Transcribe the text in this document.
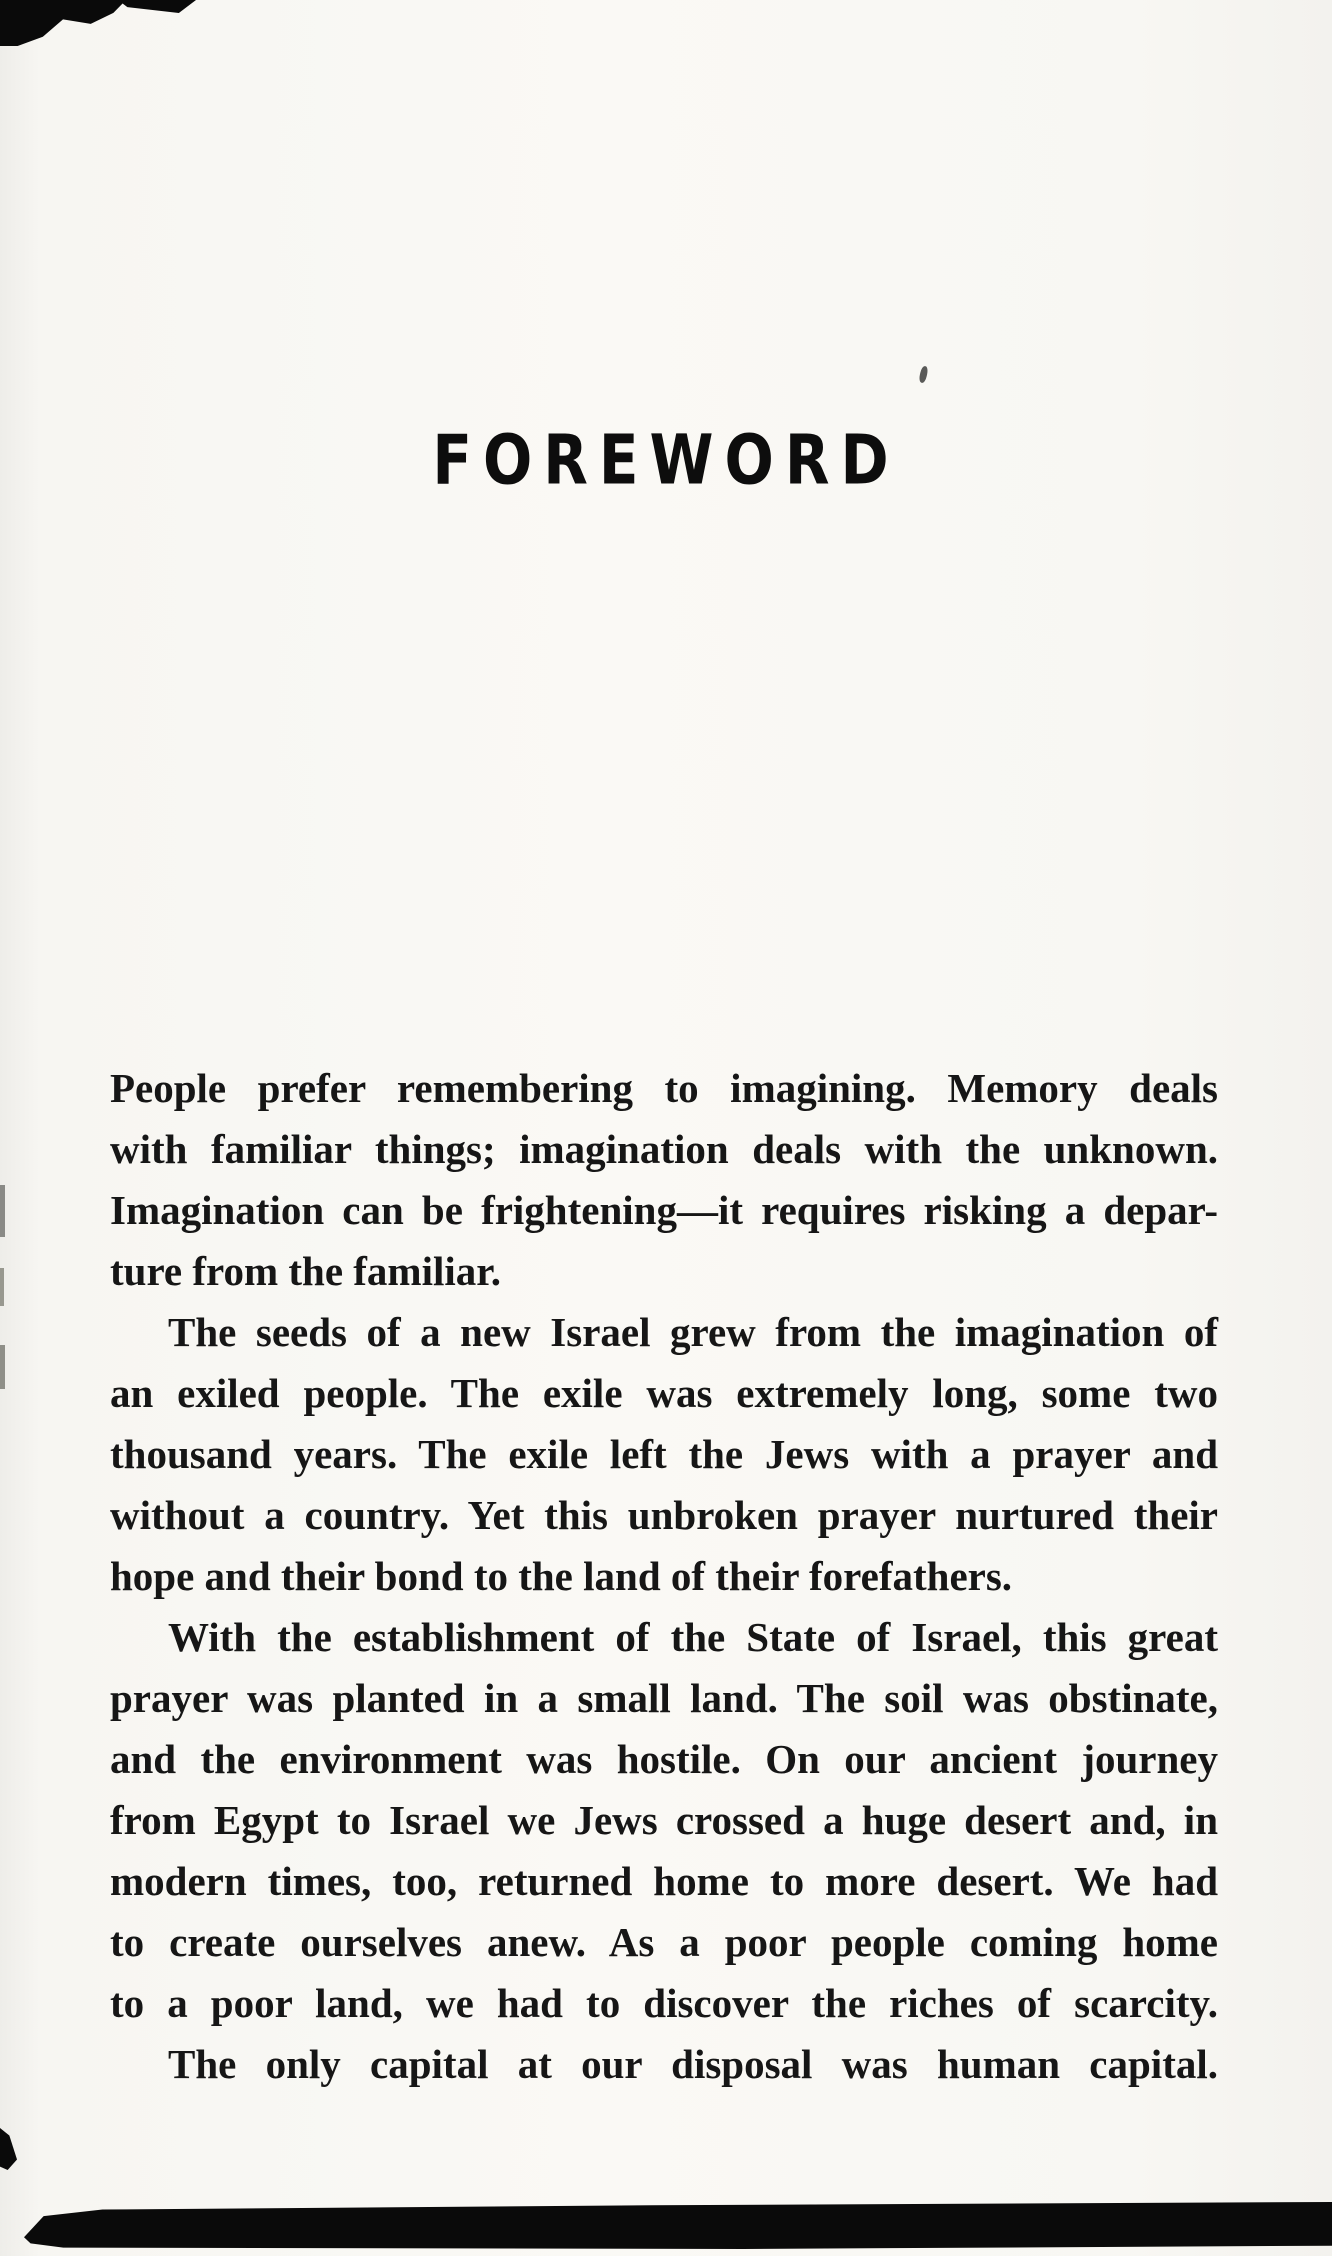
FOREWORD
People prefer remembering to imagining. Memory deals
with familiar things; imagination deals with the unknown.
Imagination can be frightening—it requires risking a depar-
ture from the familiar.
The seeds of a new Israel grew from the imagination of
an exiled people. The exile was extremely long, some two
thousand years. The exile left the Jews with a prayer and
without a country. Yet this unbroken prayer nurtured their
hope and their bond to the land of their forefathers.
With the establishment of the State of Israel, this great
prayer was planted in a small land. The soil was obstinate,
and the environment was hostile. On our ancient journey
from Egypt to Israel we Jews crossed a huge desert and, in
modern times, too, returned home to more desert. We had
to create ourselves anew. As a poor people coming home
to a poor land, we had to discover the riches of scarcity.
The only capital at our disposal was human capital.
